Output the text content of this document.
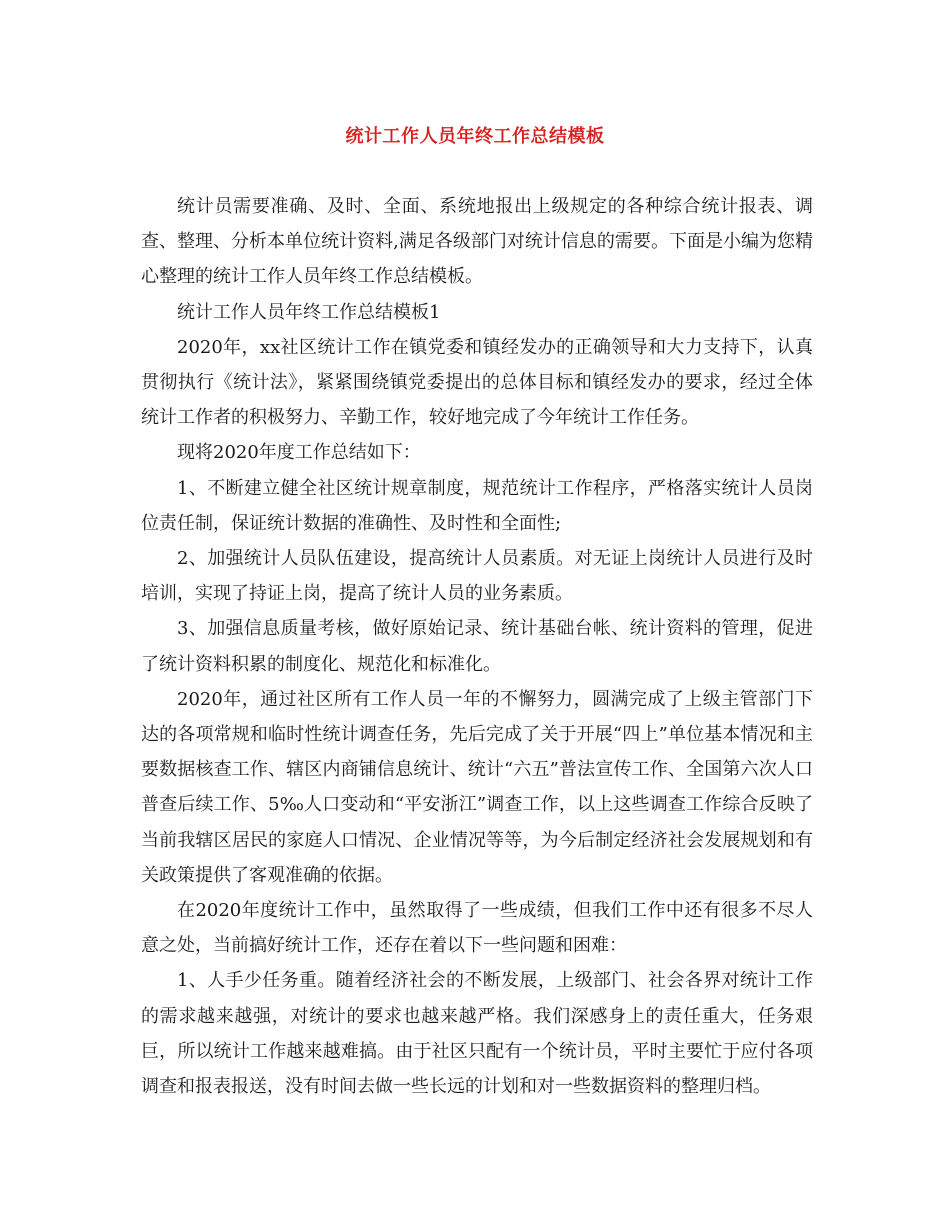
统计工作人员年终工作总结模板

统计员需要准确、及时、全面、系统地报出上级规定的各种综合统计报表、调查、整理、分析本单位统计资料,满足各级部门对统计信息的需要。下面是小编为您精心整理的统计工作人员年终工作总结模板。

统计工作人员年终工作总结模板1

2020年，xx社区统计工作在镇党委和镇经发办的正确领导和大力支持下，认真贯彻执行《统计法》，紧紧围绕镇党委提出的总体目标和镇经发办的要求，经过全体统计工作者的积极努力、辛勤工作，较好地完成了今年统计工作任务。

现将2020年度工作总结如下：

1、不断建立健全社区统计规章制度，规范统计工作程序，严格落实统计人员岗位责任制，保证统计数据的准确性、及时性和全面性;

2、加强统计人员队伍建设，提高统计人员素质。对无证上岗统计人员进行及时培训，实现了持证上岗，提高了统计人员的业务素质。

3、加强信息质量考核，做好原始记录、统计基础台帐、统计资料的管理，促进了统计资料积累的制度化、规范化和标准化。

2020年，通过社区所有工作人员一年的不懈努力，圆满完成了上级主管部门下达的各项常规和临时性统计调查任务，先后完成了关于开展“四上”单位基本情况和主要数据核查工作、辖区内商铺信息统计、统计“六五”普法宣传工作、全国第六次人口普查后续工作、5‰人口变动和“平安浙江”调查工作，以上这些调查工作综合反映了当前我辖区居民的家庭人口情况、企业情况等等，为今后制定经济社会发展规划和有关政策提供了客观准确的依据。

在2020年度统计工作中，虽然取得了一些成绩，但我们工作中还有很多不尽人意之处，当前搞好统计工作，还存在着以下一些问题和困难：

1、人手少任务重。随着经济社会的不断发展，上级部门、社会各界对统计工作的需求越来越强，对统计的要求也越来越严格。我们深感身上的责任重大，任务艰巨，所以统计工作越来越难搞。由于社区只配有一个统计员，平时主要忙于应付各项调查和报表报送，没有时间去做一些长远的计划和对一些数据资料的整理归档。
